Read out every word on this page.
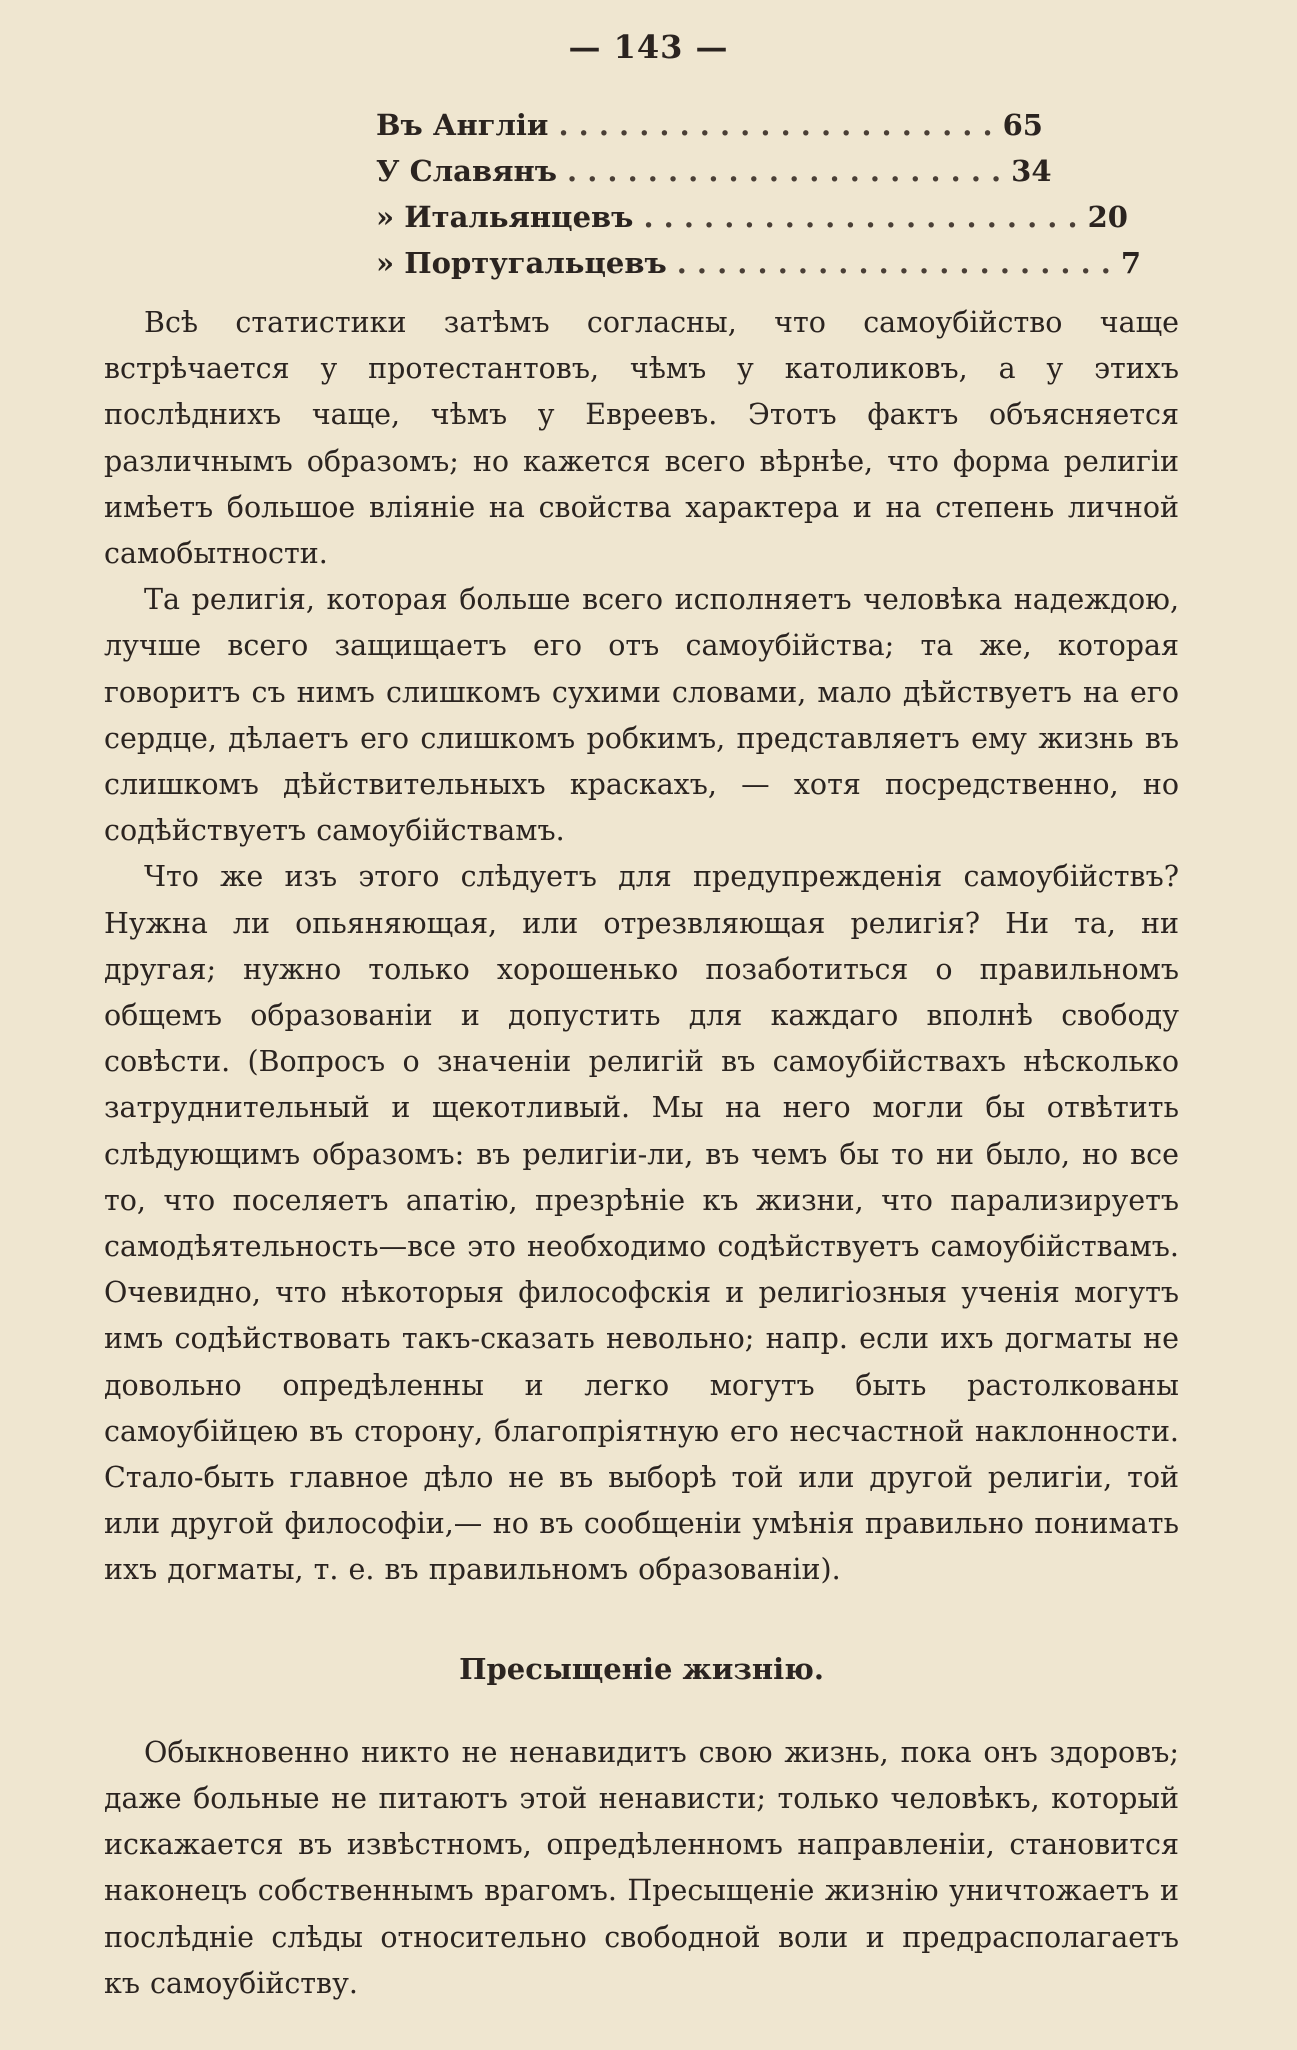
— 143 —
Въ Англіи . . . . . . . . . . . . . . . . . . . . . . 65
У Славянъ . . . . . . . . . . . . . . . . . . . . . . 34
» Итальянцевъ . . . . . . . . . . . . . . . . . . . . . . 20
» Португальцевъ . . . . . . . . . . . . . . . . . . . . . . 7

Всѣ статистики затѣмъ согласны, что самоубійство чаще встрѣчается у протестантовъ, чѣмъ у католиковъ, а у этихъ послѣднихъ чаще, чѣмъ у Евреевъ. Этотъ фактъ объясняется различнымъ образомъ; но кажется всего вѣрнѣе, что форма религіи имѣетъ большое вліяніе на свойства характера и на степень личной самобытности.

Та религія, которая больше всего исполняетъ человѣка надеждою, лучше всего защищаетъ его отъ самоубійства; та же, которая говоритъ съ нимъ слишкомъ сухими словами, мало дѣйствуетъ на его сердце, дѣлаетъ его слишкомъ робкимъ, представляетъ ему жизнь въ слишкомъ дѣйствительныхъ краскахъ, — хотя посредственно, но содѣйствуетъ самоубійствамъ.

Что же изъ этого слѣдуетъ для предупрежденія самоубійствъ? Нужна ли опьяняющая, или отрезвляющая религія? Ни та, ни другая; нужно только хорошенько позаботиться о правильномъ общемъ образованіи и допустить для каждаго вполнѣ свободу совѣсти. (Вопросъ о значеніи религій въ самоубійствахъ нѣсколько затруднительный и щекотливый. Мы на него могли бы отвѣтить слѣдующимъ образомъ: въ религіи-ли, въ чемъ бы то ни было, но все то, что поселяетъ апатію, презрѣніе къ жизни, что парализируетъ самодѣятельность—все это необходимо содѣйствуетъ самоубійствамъ. Очевидно, что нѣкоторыя философскія и религіозныя ученія могутъ имъ содѣйствовать такъ-сказать невольно; напр. если ихъ догматы не довольно опредѣленны и легко могутъ быть растолкованы самоубійцею въ сторону, благопріятную его несчастной наклонности. Стало-быть главное дѣло не въ выборѣ той или другой религіи, той или другой философіи,— но въ сообщеніи умѣнія правильно понимать ихъ догматы, т. е. въ правильномъ образованіи).

Пресыщеніе жизнію.

Обыкновенно никто не ненавидитъ свою жизнь, пока онъ здоровъ; даже больные не питаютъ этой ненависти; только человѣкъ, который искажается въ извѣстномъ, опредѣленномъ направленіи, становится наконецъ собственнымъ врагомъ. Пресыщеніе жизнію уничтожаетъ и послѣдніе слѣды относительно свободной воли и предрасполагаетъ къ самоубійству.
